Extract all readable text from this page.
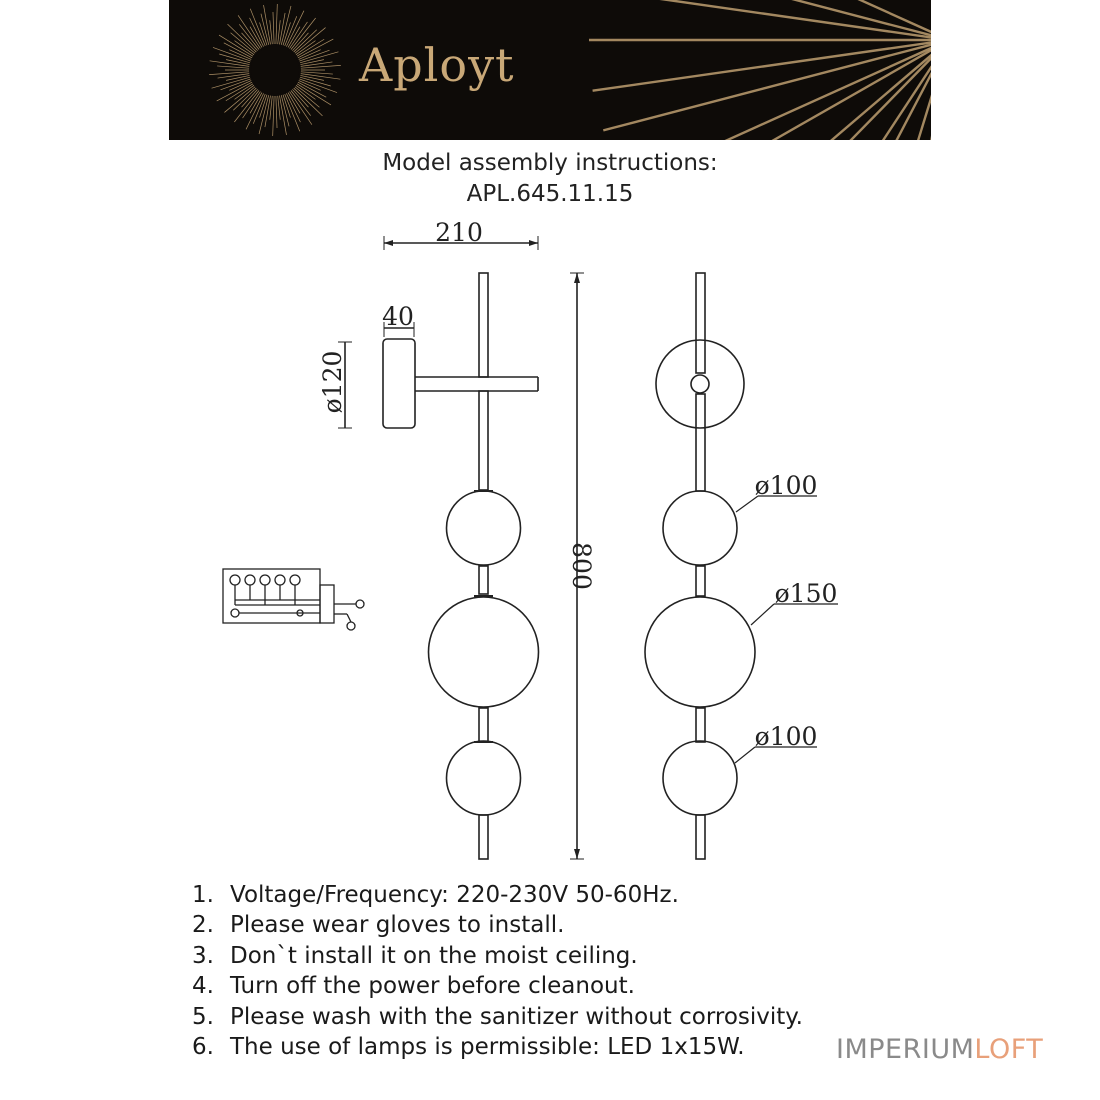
Aployt
Model assembly instructions:
APL.645.11.15
210
40
ø120
800
ø100
ø150
ø100
1. Voltage/Frequency: 220-230V 50-60Hz.
2. Please wear gloves to install.
3. Don`t install it on the moist ceiling.
4. Turn off the power before cleanout.
5. Please wash with the sanitizer without corrosivity.
6. The use of lamps is permissible: LED 1x15W.	IMPERIUMLOFT
